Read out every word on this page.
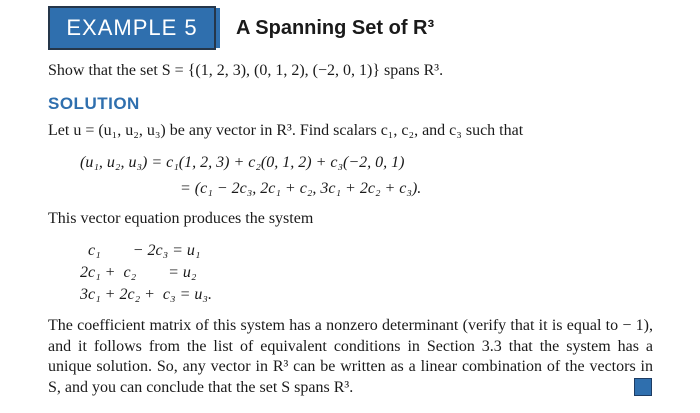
EXAMPLE 5	A Spanning Set of R³
Show that the set S = {(1, 2, 3), (0, 1, 2), (−2, 0, 1)} spans R³.
SOLUTION
Let u = (u₁, u₂, u₃) be any vector in R³. Find scalars c₁, c₂, and c₃ such that
(u₁, u₂, u₃) = c₁(1, 2, 3) + c₂(0, 1, 2) + c₃(−2, 0, 1)
= (c₁ − 2c₃, 2c₁ + c₂, 3c₁ + 2c₂ + c₃).
This vector equation produces the system
c₁        − 2c₃ = u₁
2c₁ +  c₂        = u₂
3c₁ + 2c₂ +  c₃ = u₃.
The coefficient matrix of this system has a nonzero determinant (verify that it is equal to − 1), and it follows from the list of equivalent conditions in Section 3.3 that the system has a unique solution. So, any vector in R³ can be written as a linear combination of the vectors in S, and you can conclude that the set S spans R³.
